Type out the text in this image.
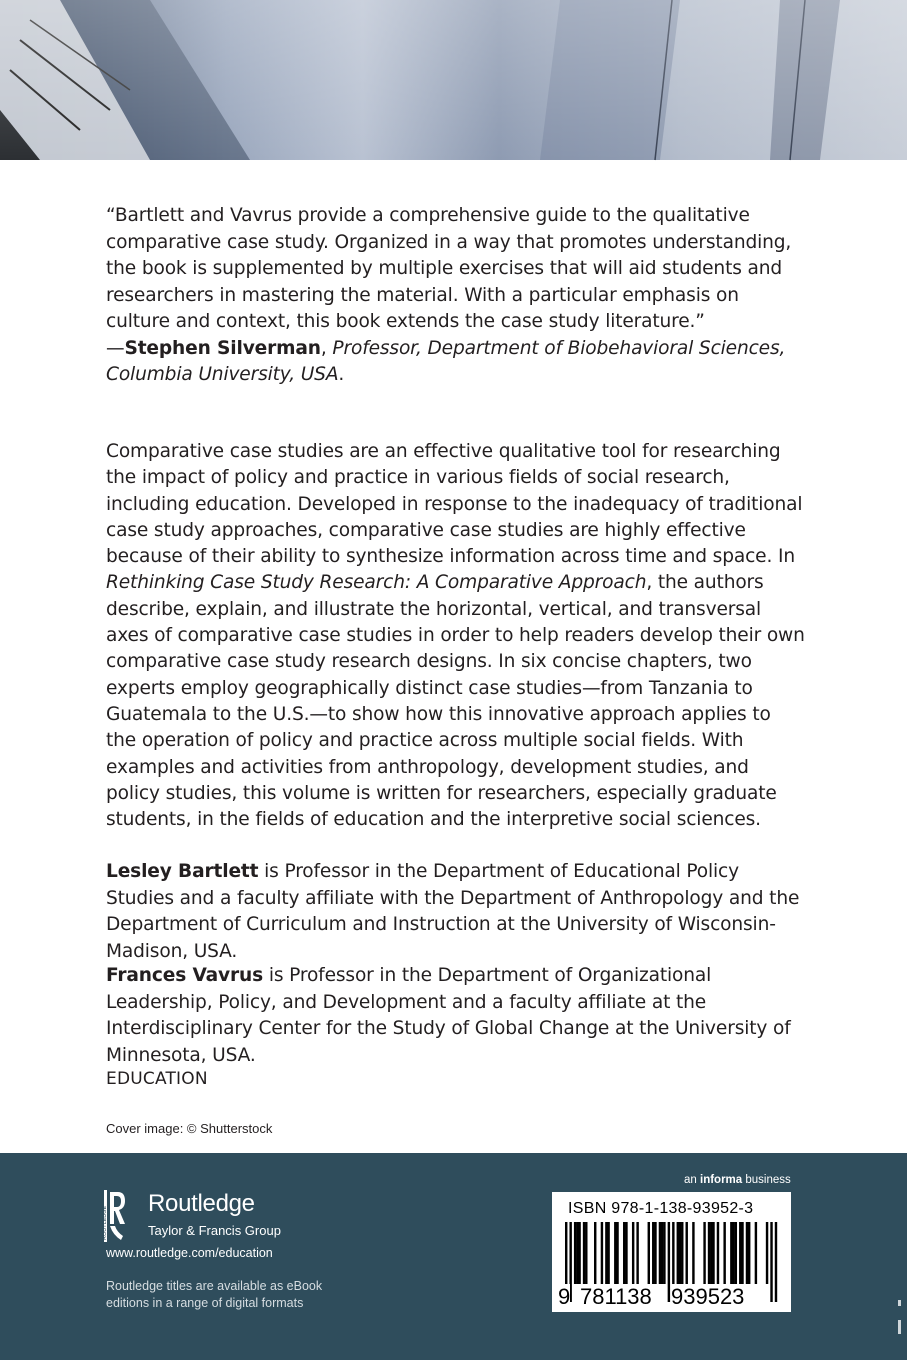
“Bartlett and Vavrus provide a comprehensive guide to the qualitative comparative case study. Organized in a way that promotes understanding, the book is supplemented by multiple exercises that will aid students and researchers in mastering the material. With a particular emphasis on culture and context, this book extends the case study literature.”
—Stephen Silverman, Professor, Department of Biobehavioral Sciences, Columbia University, USA.

Comparative case studies are an effective qualitative tool for researching the impact of policy and practice in various fields of social research, including education. Developed in response to the inadequacy of traditional case study approaches, comparative case studies are highly effective because of their ability to synthesize information across time and space. In Rethinking Case Study Research: A Comparative Approach, the authors describe, explain, and illustrate the horizontal, vertical, and transversal axes of comparative case studies in order to help readers develop their own comparative case study research designs. In six concise chapters, two experts employ geographically distinct case studies—from Tanzania to Guatemala to the U.S.—to show how this innovative approach applies to the operation of policy and practice across multiple social fields. With examples and activities from anthropology, development studies, and policy studies, this volume is written for researchers, especially graduate students, in the fields of education and the interpretive social sciences.

Lesley Bartlett is Professor in the Department of Educational Policy Studies and a faculty affiliate with the Department of Anthropology and the Department of Curriculum and Instruction at the University of Wisconsin-Madison, USA.

Frances Vavrus is Professor in the Department of Organizational Leadership, Policy, and Development and a faculty affiliate at the Interdisciplinary Center for the Study of Global Change at the University of Minnesota, USA.

EDUCATION
Cover image: © Shutterstock
ROUTLEDGE
Routledge
Taylor & Francis Group
www.routledge.com/education
Routledge titles are available as eBook editions in a range of digital formats
an informa business
ISBN 978-1-138-93952-3
9 781138 939523
